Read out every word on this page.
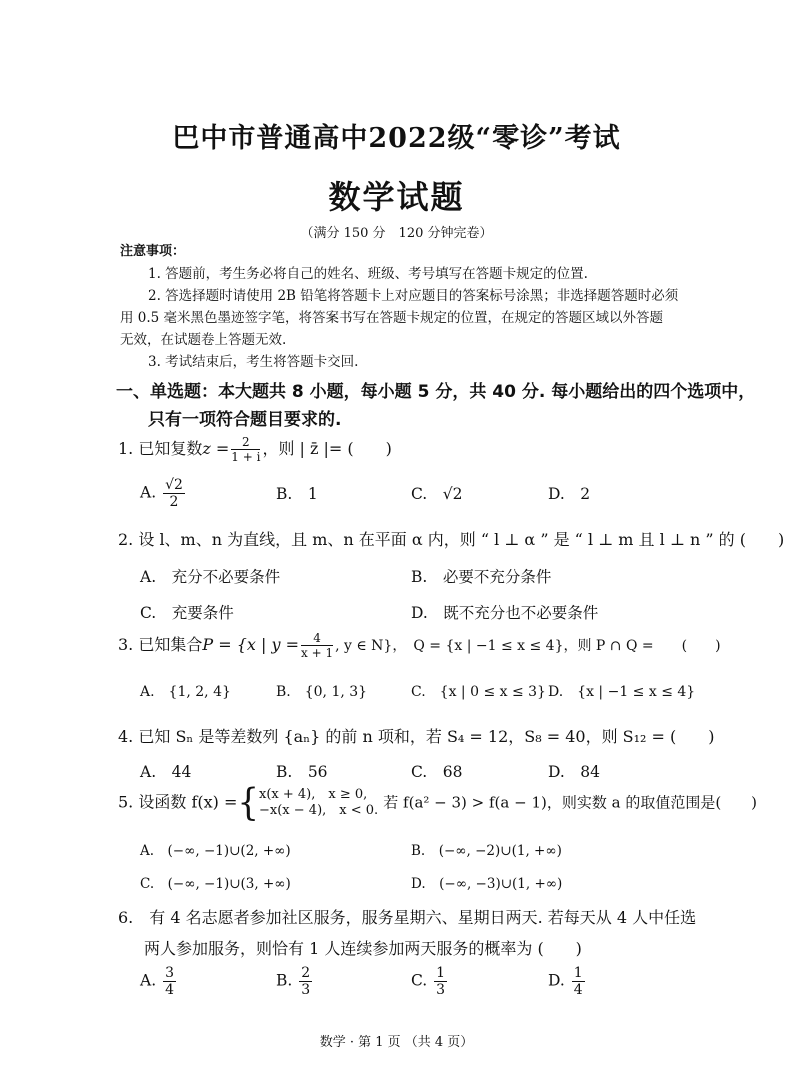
巴中市普通高中2022级“零诊”考试
数学试题
（满分 150 分　120 分钟完卷）
注意事项：
1. 答题前，考生务必将自己的姓名、班级、考号填写在答题卡规定的位置.
2. 答选择题时请使用 2B 铅笔将答题卡上对应题目的答案标号涂黑；非选择题答题时必须
用 0.5 毫米黑色墨迹签字笔，将答案书写在答题卡规定的位置，在规定的答题区域以外答题
无效，在试题卷上答题无效.
3. 考试结束后，考生将答题卡交回.
一、单选题：本大题共 8 小题，每小题 5 分，共 40 分. 每小题给出的四个选项中，
只有一项符合题目要求的.
1. 已知复数$z = \frac{2}{1 + i}$ ，则 | z̄ |= (　　)
A. $\frac{√2}{2}$	B.　1	C.　√2	D.　2
2. 设 l、m、n 为直线，且 m、n 在平面 α 内，则 “ l ⊥ α ” 是 “ l ⊥ m 且 l ⊥ n ” 的 (　　)
A.　充分不必要条件	B.　必要不充分条件
C.　充要条件	D.　既不充分也不必要条件
3. 已知集合P = {x | $y = \frac{4}{x + 1}$ , y ∈ N}，　Q = {x | −1 ≤ x ≤ 4}，则 P ∩ Q =　　(　　)
A.　{1, 2, 4}	B.　{0, 1, 3}	C.　{x | 0 ≤ x ≤ 3} D.　{x | −1 ≤ x ≤ 4}
4. 已知 Sₙ 是等差数列 {aₙ} 的前 n 项和，若 S₄ = 12，S₈ = 40，则 S₁₂ = (　　)
A.　44	B.　56	C.　68	D.　84
5. 设函数 f(x) ={ x(x + 4),　x ≥ 0,
−x(x − 4),　x < 0. 若 f(a² − 3) > f(a − 1)，则实数 a 的取值范围是(　　)
A.　(−∞, −1)∪(2, +∞)	B.　(−∞, −2)∪(1, +∞)
C.　(−∞, −1)∪(3, +∞)	D.　(−∞, −3)∪(1, +∞)
6.　有 4 名志愿者参加社区服务，服务星期六、星期日两天. 若每天从 4 人中任选
两人参加服务，则恰有 1 人连续参加两天服务的概率为 (　　)
A. $\frac{3}{4}$	B. $\frac{2}{3}$	C. $\frac{1}{3}$	D. $\frac{1}{4}$
数学 · 第 1 页 （共 4 页）
